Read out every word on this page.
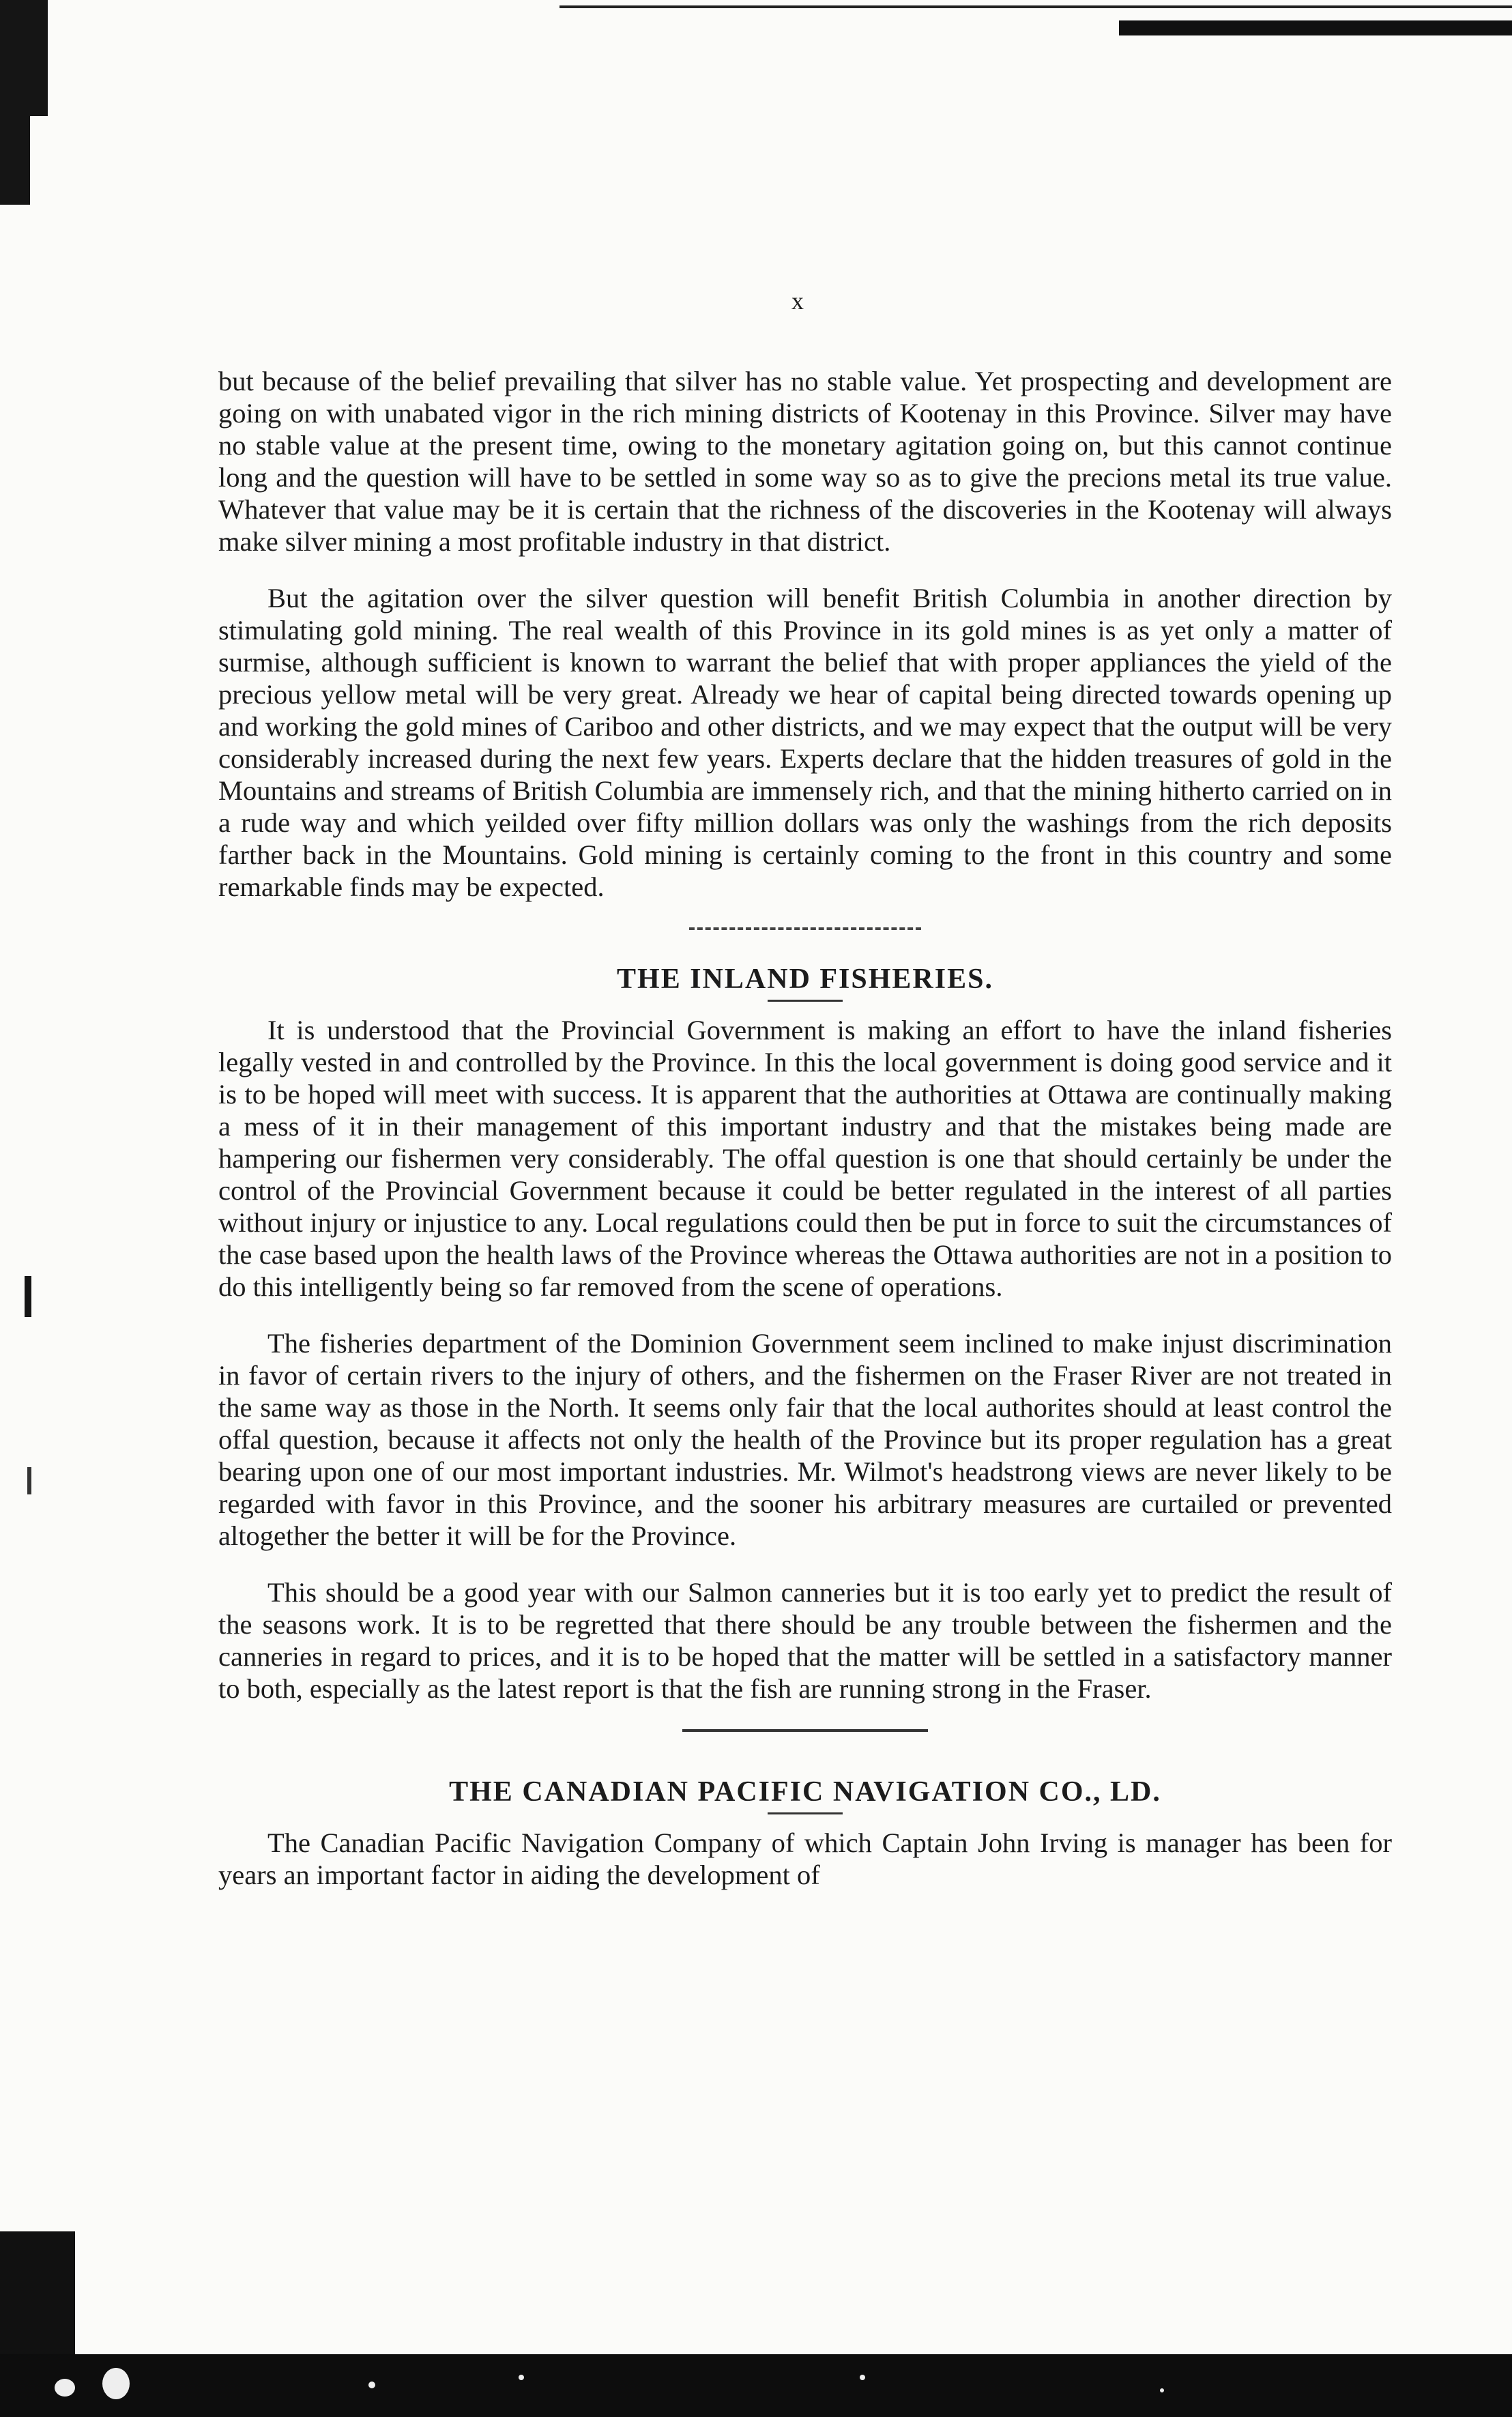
x

but because of the belief prevailing that silver has no stable value. Yet prospecting and development are going on with unabated vigor in the rich mining districts of Kootenay in this Province. Silver may have no stable value at the present time, owing to the monetary agitation going on, but this cannot continue long and the question will have to be settled in some way so as to give the precions metal its true value. Whatever that value may be it is certain that the richness of the discoveries in the Kootenay will always make silver mining a most profitable industry in that district.

But the agitation over the silver question will benefit British Columbia in another direction by stimulating gold mining. The real wealth of this Province in its gold mines is as yet only a matter of surmise, although sufficient is known to warrant the belief that with proper appliances the yield of the precious yellow metal will be very great. Already we hear of capital being directed towards opening up and working the gold mines of Cariboo and other districts, and we may expect that the output will be very considerably increased during the next few years. Experts declare that the hidden treasures of gold in the Mountains and streams of British Columbia are immensely rich, and that the mining hitherto carried on in a rude way and which yeilded over fifty million dollars was only the washings from the rich deposits farther back in the Mountains. Gold mining is certainly coming to the front in this country and some remarkable finds may be expected.

THE INLAND FISHERIES.

It is understood that the Provincial Government is making an effort to have the inland fisheries legally vested in and controlled by the Province. In this the local government is doing good service and it is to be hoped will meet with success. It is apparent that the authorities at Ottawa are continually making a mess of it in their management of this important industry and that the mistakes being made are hampering our fishermen very considerably. The offal question is one that should certainly be under the control of the Provincial Government because it could be better regulated in the interest of all parties without injury or injustice to any. Local regulations could then be put in force to suit the circumstances of the case based upon the health laws of the Province whereas the Ottawa authorities are not in a position to do this intelligently being so far removed from the scene of operations.

The fisheries department of the Dominion Government seem inclined to make injust discrimination in favor of certain rivers to the injury of others, and the fishermen on the Fraser River are not treated in the same way as those in the North. It seems only fair that the local authorites should at least control the offal question, because it affects not only the health of the Province but its proper regulation has a great bearing upon one of our most important industries. Mr. Wilmot's headstrong views are never likely to be regarded with favor in this Province, and the sooner his arbitrary measures are curtailed or prevented altogether the better it will be for the Province.

This should be a good year with our Salmon canneries but it is too early yet to predict the result of the seasons work. It is to be regretted that there should be any trouble between the fishermen and the canneries in regard to prices, and it is to be hoped that the matter will be settled in a satisfactory manner to both, especially as the latest report is that the fish are running strong in the Fraser.

THE CANADIAN PACIFIC NAVIGATION CO., LD.

The Canadian Pacific Navigation Company of which Captain John Irving is manager has been for years an important factor in aiding the development of
